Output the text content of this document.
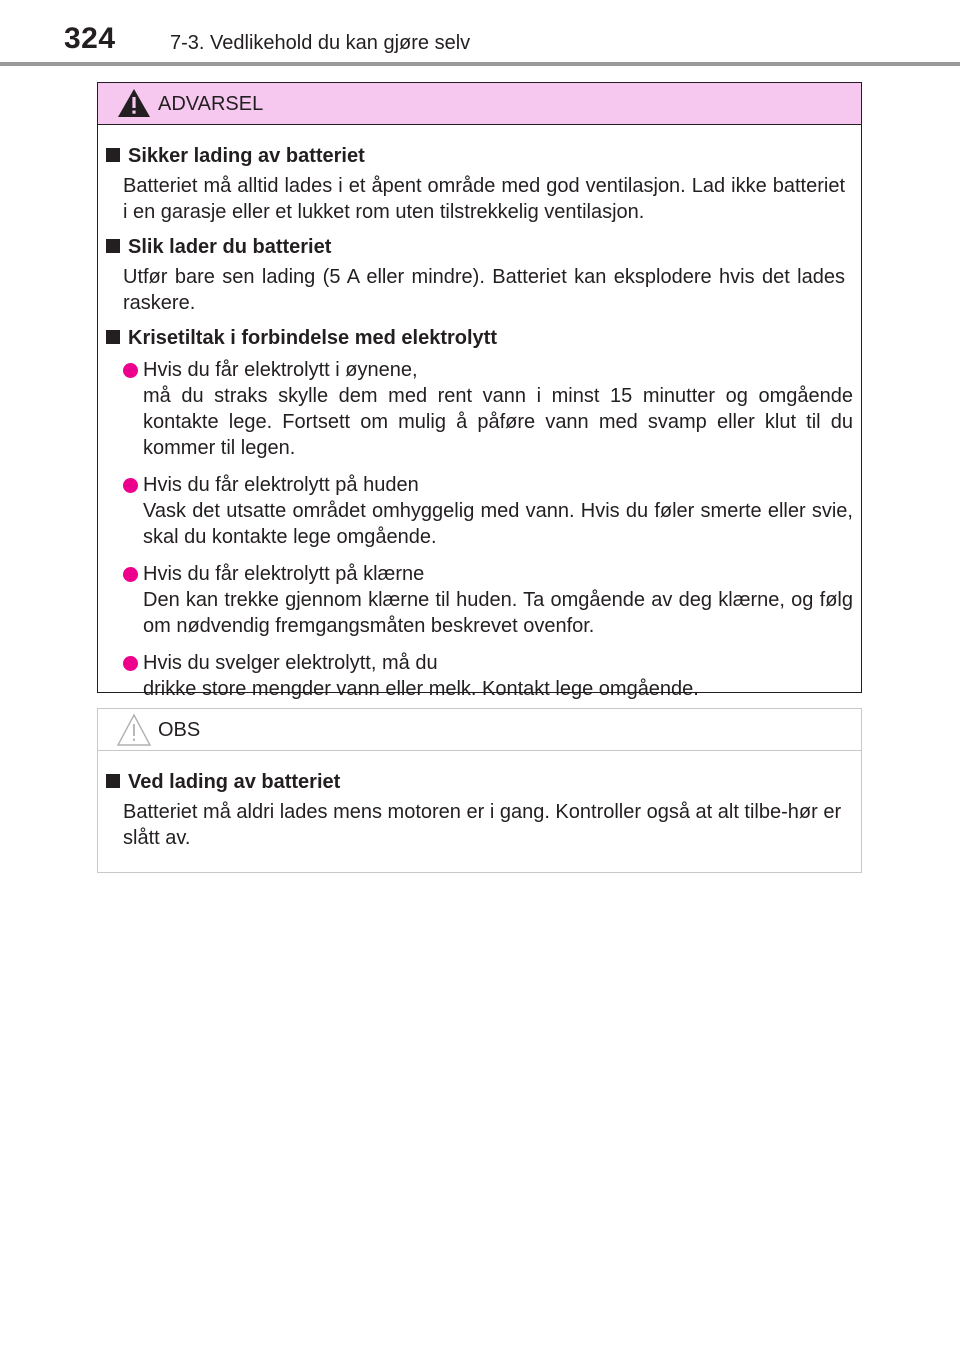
324	7-3. Vedlikehold du kan gjøre selv
ADVARSEL
Sikker lading av batteriet
Batteriet må alltid lades i et åpent område med god ventilasjon. Lad ikke batteriet i en garasje eller et lukket rom uten tilstrekkelig ventilasjon.
Slik lader du batteriet
Utfør bare sen lading (5 A eller mindre). Batteriet kan eksplodere hvis det lades raskere.
Krisetiltak i forbindelse med elektrolytt
Hvis du får elektrolytt i øynene,
må du straks skylle dem med rent vann i minst 15 minutter og omgående kontakte lege. Fortsett om mulig å påføre vann med svamp eller klut til du kommer til legen.
Hvis du får elektrolytt på huden
Vask det utsatte området omhyggelig med vann. Hvis du føler smerte eller svie, skal du kontakte lege omgående.
Hvis du får elektrolytt på klærne
Den kan trekke gjennom klærne til huden. Ta omgående av deg klærne, og følg om nødvendig fremgangsmåten beskrevet ovenfor.
Hvis du svelger elektrolytt, må du
drikke store mengder vann eller melk. Kontakt lege omgående.
OBS
Ved lading av batteriet
Batteriet må aldri lades mens motoren er i gang. Kontroller også at alt tilbe-hør er slått av.
